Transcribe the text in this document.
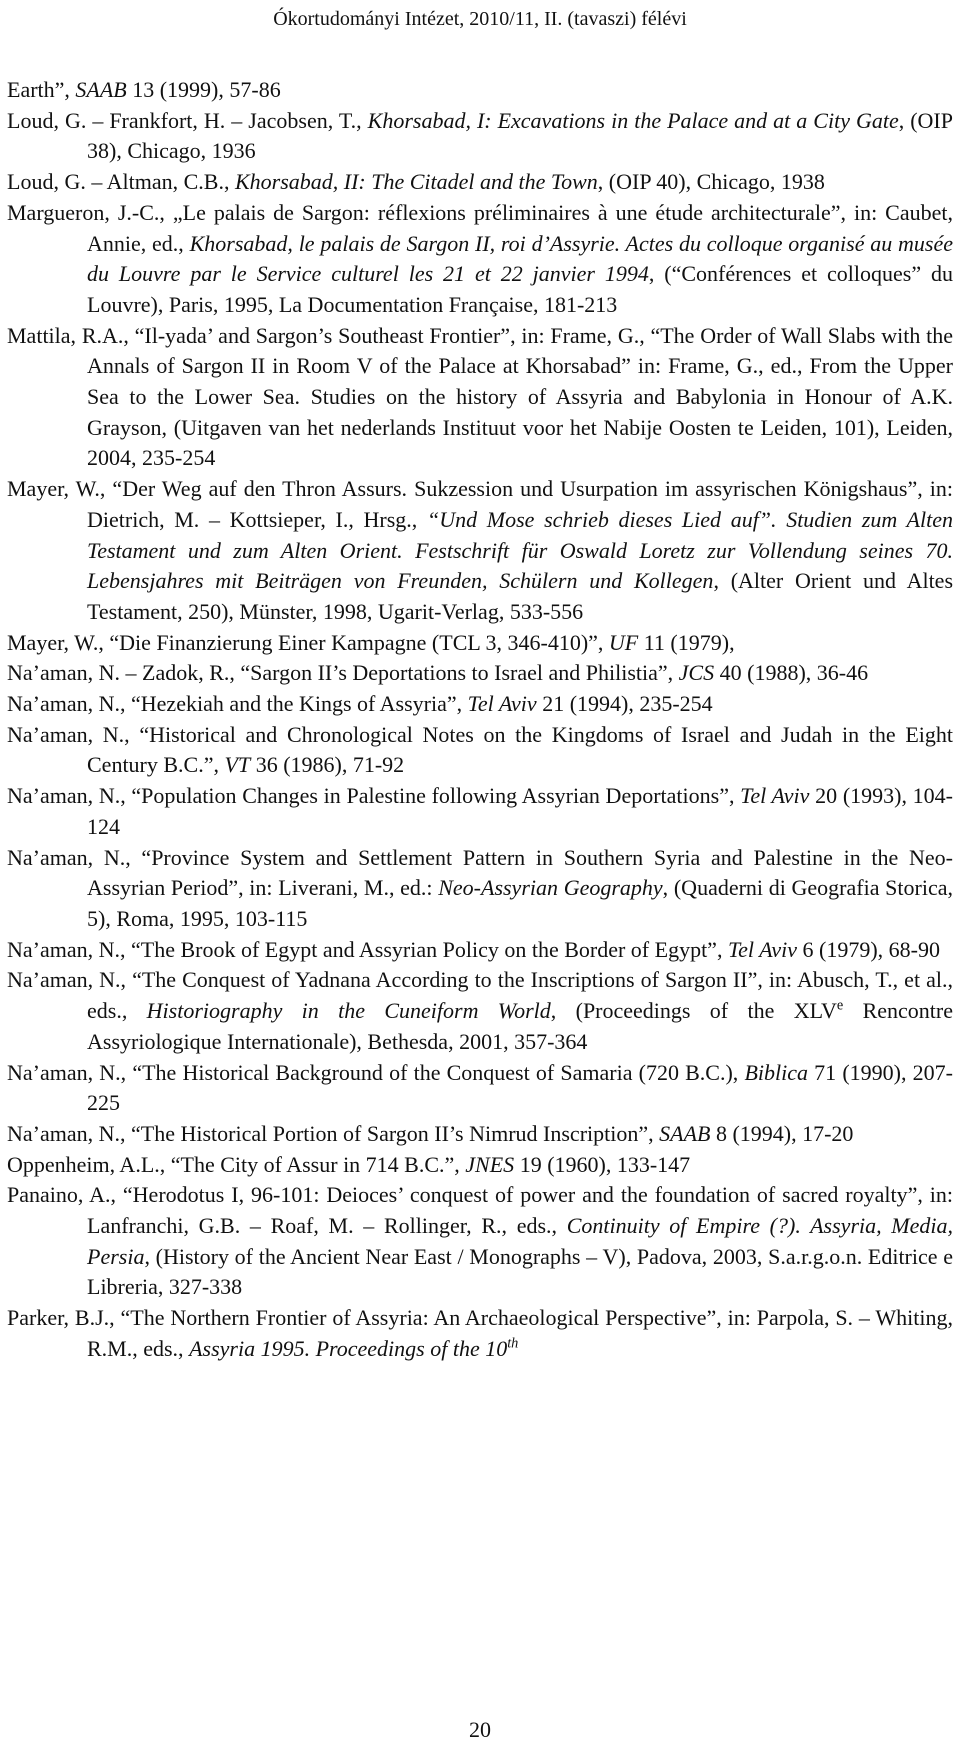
Ókortudományi Intézet, 2010/11, II. (tavaszi) félévi
Earth”, SAAB 13 (1999), 57-86
Loud, G. – Frankfort, H. – Jacobsen, T., Khorsabad, I: Excavations in the Palace and at a City Gate, (OIP 38), Chicago, 1936
Loud, G. – Altman, C.B., Khorsabad, II: The Citadel and the Town, (OIP 40), Chicago, 1938
Margueron, J.-C., „Le palais de Sargon: réflexions préliminaires à une étude architecturale”, in: Caubet, Annie, ed., Khorsabad, le palais de Sargon II, roi d’Assyrie. Actes du colloque organisé au musée du Louvre par le Service culturel les 21 et 22 janvier 1994, (“Conférences et colloques” du Louvre), Paris, 1995, La Documentation Française, 181-213
Mattila, R.A., “Il-yada’ and Sargon’s Southeast Frontier”, in: Frame, G., “The Order of Wall Slabs with the Annals of Sargon II in Room V of the Palace at Khorsabad” in: Frame, G., ed., From the Upper Sea to the Lower Sea. Studies on the history of Assyria and Babylonia in Honour of A.K. Grayson, (Uitgaven van het nederlands Instituut voor het Nabije Oosten te Leiden, 101), Leiden, 2004, 235-254
Mayer, W., “Der Weg auf den Thron Assurs. Sukzession und Usurpation im assyrischen Königshaus”, in: Dietrich, M. – Kottsieper, I., Hrsg., “Und Mose schrieb dieses Lied auf”. Studien zum Alten Testament und zum Alten Orient. Festschrift für Oswald Loretz zur Vollendung seines 70. Lebensjahres mit Beiträgen von Freunden, Schülern und Kollegen, (Alter Orient und Altes Testament, 250), Münster, 1998, Ugarit-Verlag, 533-556
Mayer, W., “Die Finanzierung Einer Kampagne (TCL 3, 346-410)”, UF 11 (1979),
Na’aman, N. – Zadok, R., “Sargon II’s Deportations to Israel and Philistia”, JCS 40 (1988), 36-46
Na’aman, N., “Hezekiah and the Kings of Assyria”, Tel Aviv 21 (1994), 235-254
Na’aman, N., “Historical and Chronological Notes on the Kingdoms of Israel and Judah in the Eight Century B.C.”, VT 36 (1986), 71-92
Na’aman, N., “Population Changes in Palestine following Assyrian Deportations”, Tel Aviv 20 (1993), 104-124
Na’aman, N., “Province System and Settlement Pattern in Southern Syria and Palestine in the Neo-Assyrian Period”, in: Liverani, M., ed.: Neo-Assyrian Geography, (Quaderni di Geografia Storica, 5), Roma, 1995, 103-115
Na’aman, N., “The Brook of Egypt and Assyrian Policy on the Border of Egypt”, Tel Aviv 6 (1979), 68-90
Na’aman, N., “The Conquest of Yadnana According to the Inscriptions of Sargon II”, in: Abusch, T., et al., eds., Historiography in the Cuneiform World, (Proceedings of the XLVe Rencontre Assyriologique Internationale), Bethesda, 2001, 357-364
Na’aman, N., “The Historical Background of the Conquest of Samaria (720 B.C.), Biblica 71 (1990), 207-225
Na’aman, N., “The Historical Portion of Sargon II’s Nimrud Inscription”, SAAB 8 (1994), 17-20
Oppenheim, A.L., “The City of Assur in 714 B.C.”, JNES 19 (1960), 133-147
Panaino, A., “Herodotus I, 96-101: Deioces’ conquest of power and the foundation of sacred royalty”, in: Lanfranchi, G.B. – Roaf, M. – Rollinger, R., eds., Continuity of Empire (?). Assyria, Media, Persia, (History of the Ancient Near East / Monographs – V), Padova, 2003, S.a.r.g.o.n. Editrice e Libreria, 327-338
Parker, B.J., “The Northern Frontier of Assyria: An Archaeological Perspective”, in: Parpola, S. – Whiting, R.M., eds., Assyria 1995. Proceedings of the 10th
20
